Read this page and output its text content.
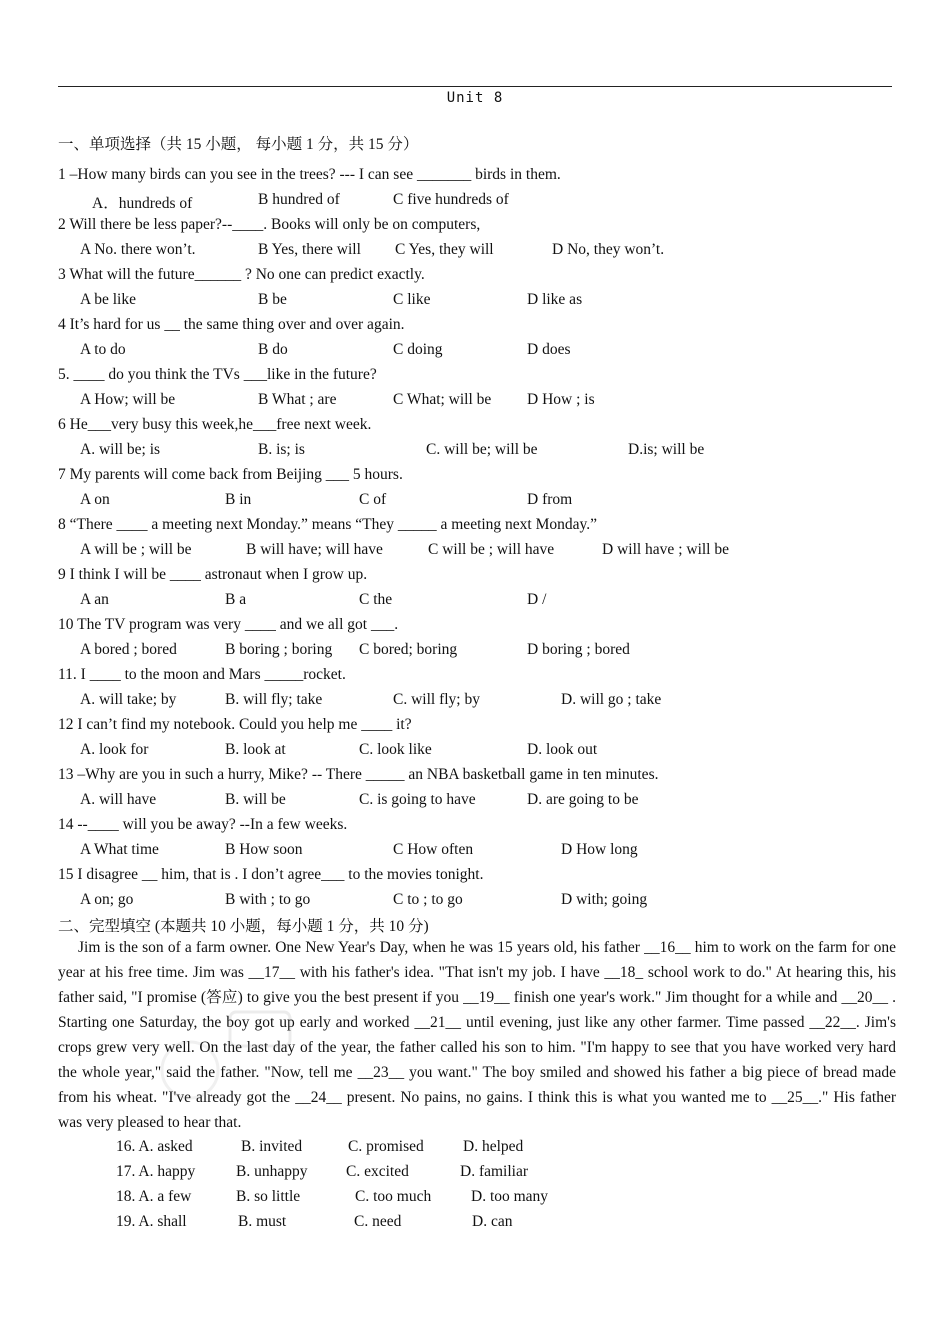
Unit 8
一、单项选择（共 15 小题， 每小题 1 分，共 15 分）
1 –How many birds can you see in the trees? --- I can see _______ birds in them.
A．hundreds of	B hundred of	C five hundreds of
2 Will there be less paper?--____. Books will only be on computers,
A No. there won’t.	B Yes, there will C Yes, they will	D No, they won’t.
3 What will the future______ ? No one can predict exactly.
A be like	B be	C like	D like as
4 It’s hard for us __ the same thing over and over again.
A to do	B do	C doing	D does
5. ____ do you think the TVs ___like in the future?
A How; will be	B What ; are	C What; will be D How ; is
6 He___very busy this week,he___free next week.
A. will be; is	B. is; is	C. will be; will be	D.is; will be
7 My parents will come back from Beijing ___ 5 hours.
A on	B in	C of	D from
8 “There ____ a meeting next Monday.” means “They _____ a meeting next Monday.”
A will be ; will be	B will have; will have	C will be ; will have	D will have ; will be
9 I think I will be ____ astronaut when I grow up.
A an	B a	C the	D /
10 The TV program was very ____ and we all got ___.
A bored ; bored	B boring ; boring C bored; boring	D boring ; bored
11. I ____ to the moon and Mars _____rocket.
A. will take; by	B. will fly; take	C. will fly; by	D. will go ; take
12 I can’t find my notebook. Could you help me ____ it?
A. look for	B. look at	C. look like	D. look out
13 –Why are you in such a hurry, Mike? -- There _____ an NBA basketball game in ten minutes.
A. will have	B. will be	C. is going to have	D. are going to be
14 --____ will you be away? --In a few weeks.
A What time	B How soon	C How often	D How long
15 I disagree __ him, that is . I don’t agree___ to the movies tonight.
A on; go	B with ; to go	C to ; to go	D with; going
二、完型填空 (本题共 10 小题，每小题 1 分，共 10 分)

Jim is the son of a farm owner. One New Year's Day, when he was 15 years old, his father __16__ him to work on the farm for one year at his free time. Jim was __17__ with his father's idea. "That isn't my job. I have __18_ school work to do." At hearing this, his father said, "I promise (答应) to give you the best present if you __19__ finish one year's work." Jim thought for a while and __20__ . Starting one Saturday, the boy got up early and worked __21__ until evening, just like any other farmer. Time passed __22__. Jim's crops grew very well. On the last day of the year, the father called his son to him. "I'm happy to see that you have worked very hard the whole year," said the father. "Now, tell me __23__ you want." The boy smiled and showed his father a big piece of bread made from his wheat. "I've already got the __24__ present. No pains, no gains. I think this is what you wanted me to __25__." His father was very pleased to hear that.

16. A. asked	B. invited	C. promised	D. helped
17. A. happy	B. unhappy C. excited	D. familiar
18. A. a few	B. so little	C. too much	D. too many
19. A. shall	B. must	C. need	D. can
